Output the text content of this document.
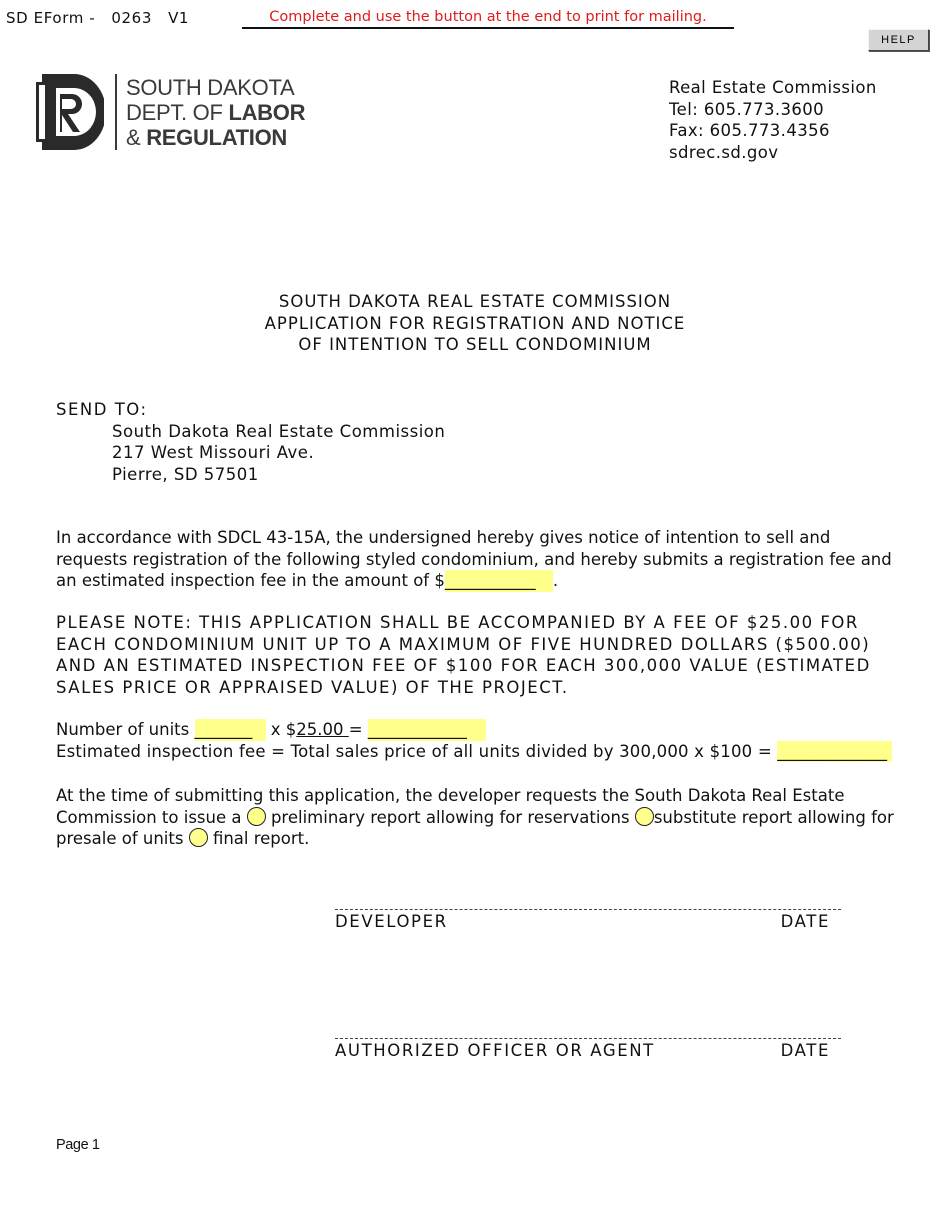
SD EForm -   0263   V1	Complete and use the button at the end to print for mailing.
HELP
SOUTH DAKOTA
DEPT. OF LABOR
& REGULATION
Real Estate Commission
Tel: 605.773.3600
Fax: 605.773.4356
sdrec.sd.gov
SOUTH DAKOTA REAL ESTATE COMMISSION
APPLICATION FOR REGISTRATION AND NOTICE
OF INTENTION TO SELL CONDOMINIUM
SEND TO:
South Dakota Real Estate Commission
217 West Missouri Ave.
Pierre, SD 57501
In accordance with SDCL 43-15A, the undersigned hereby gives notice of intention to sell and requests registration of the following styled condominium, and hereby submits a registration fee and an estimated inspection fee in the amount of $___________ .
PLEASE NOTE: THIS APPLICATION SHALL BE ACCOMPANIED BY A FEE OF $25.00 FOR EACH CONDOMINIUM UNIT UP TO A MAXIMUM OF FIVE HUNDRED DOLLARS ($500.00) AND AN ESTIMATED INSPECTION FEE OF $100 FOR EACH 300,000 VALUE (ESTIMATED SALES PRICE OR APPRAISED VALUE) OF THE PROJECT.
Number of units _______ x $25.00 = ____________
Estimated inspection fee = Total sales price of all units divided by 300,000 x $100 = _____________
At the time of submitting this application, the developer requests the South Dakota Real Estate Commission to issue a  preliminary report allowing for reservations substitute report allowing for presale of units  final report.
DEVELOPER	DATE
AUTHORIZED OFFICER OR AGENT	DATE
Page 1
